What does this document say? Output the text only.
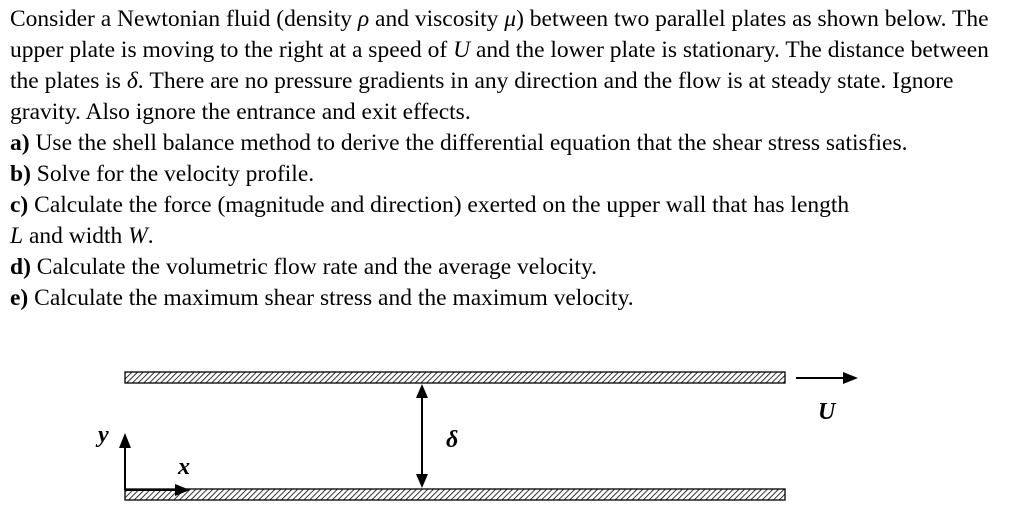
Consider a Newtonian fluid (density ρ and viscosity μ) between two parallel plates as shown below. The upper plate is moving to the right at a speed of U and the lower plate is stationary. The distance between the plates is δ. There are no pressure gradients in any direction and the flow is at steady state. Ignore gravity. Also ignore the entrance and exit effects.

a) Use the shell balance method to derive the differential equation that the shear stress satisfies.

b) Solve for the velocity profile.

c) Calculate the force (magnitude and direction) exerted on the upper wall that has length
L and width W.

d) Calculate the volumetric flow rate and the average velocity.

e) Calculate the maximum shear stress and the maximum velocity.

U
δ
y
x
